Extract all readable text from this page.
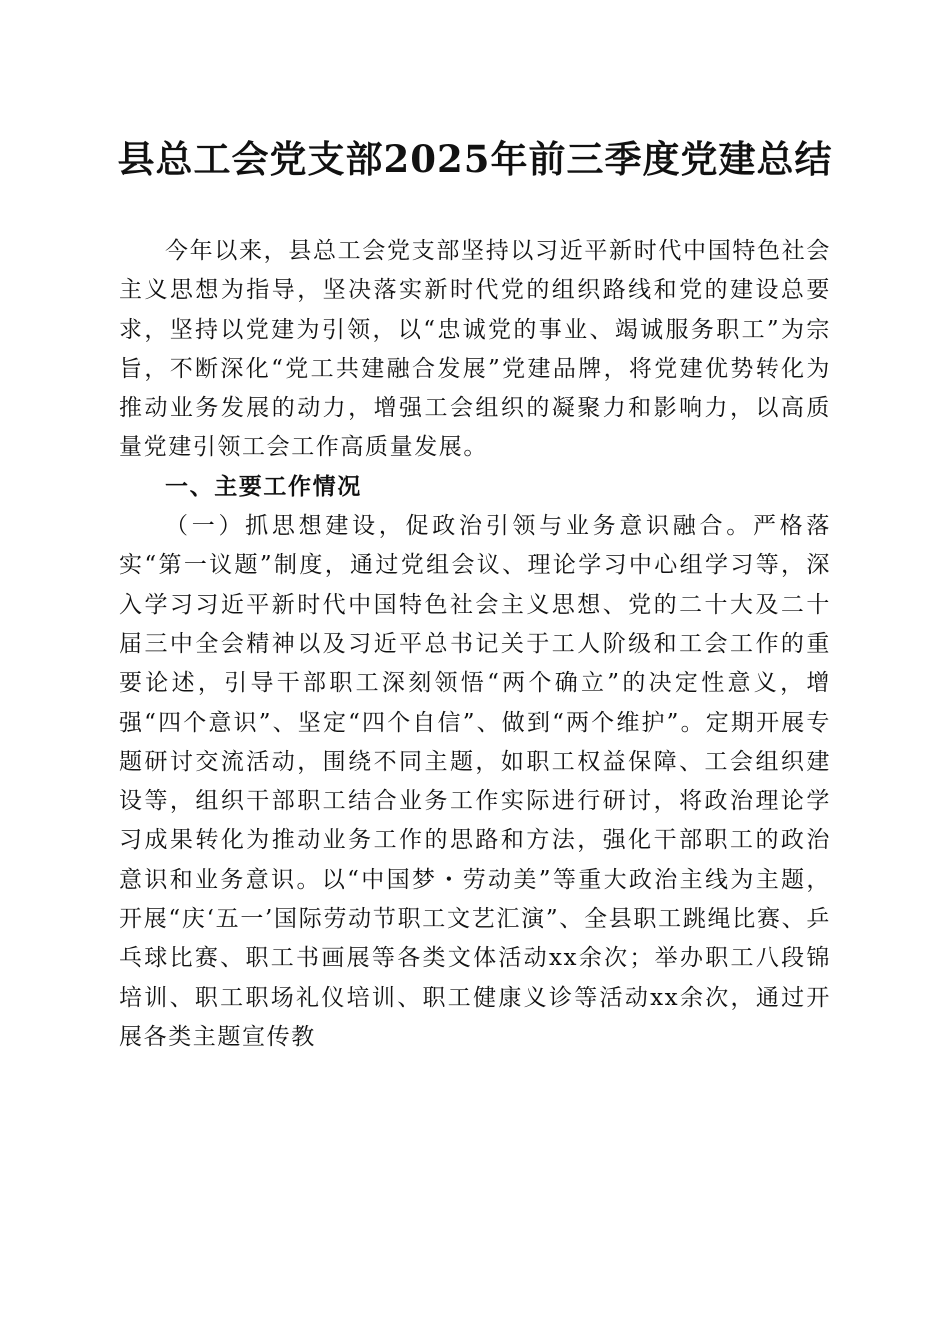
县总工会党支部2025年前三季度党建总结

今年以来，县总工会党支部坚持以习近平新时代中国特色社会主义思想为指导，坚决落实新时代党的组织路线和党的建设总要求，坚持以党建为引领，以“忠诚党的事业、竭诚服务职工”为宗旨，不断深化“党工共建融合发展”党建品牌，将党建优势转化为推动业务发展的动力，增强工会组织的凝聚力和影响力，以高质量党建引领工会工作高质量发展。

一、主要工作情况

（一）抓思想建设，促政治引领与业务意识融合。严格落实“第一议题”制度，通过党组会议、理论学习中心组学习等，深入学习习近平新时代中国特色社会主义思想、党的二十大及二十届三中全会精神以及习近平总书记关于工人阶级和工会工作的重要论述，引导干部职工深刻领悟“两个确立”的决定性意义，增强“四个意识”、坚定“四个自信”、做到“两个维护”。定期开展专题研讨交流活动，围绕不同主题，如职工权益保障、工会组织建设等，组织干部职工结合业务工作实际进行研讨，将政治理论学习成果转化为推动业务工作的思路和方法，强化干部职工的政治意识和业务意识。以“中国梦・劳动美”等重大政治主线为主题，开展“庆‘五一’国际劳动节职工文艺汇演”、全县职工跳绳比赛、乒乓球比赛、职工书画展等各类文体活动xx余次；举办职工八段锦培训、职工职场礼仪培训、职工健康义诊等活动xx余次，通过开展各类主题宣传教
